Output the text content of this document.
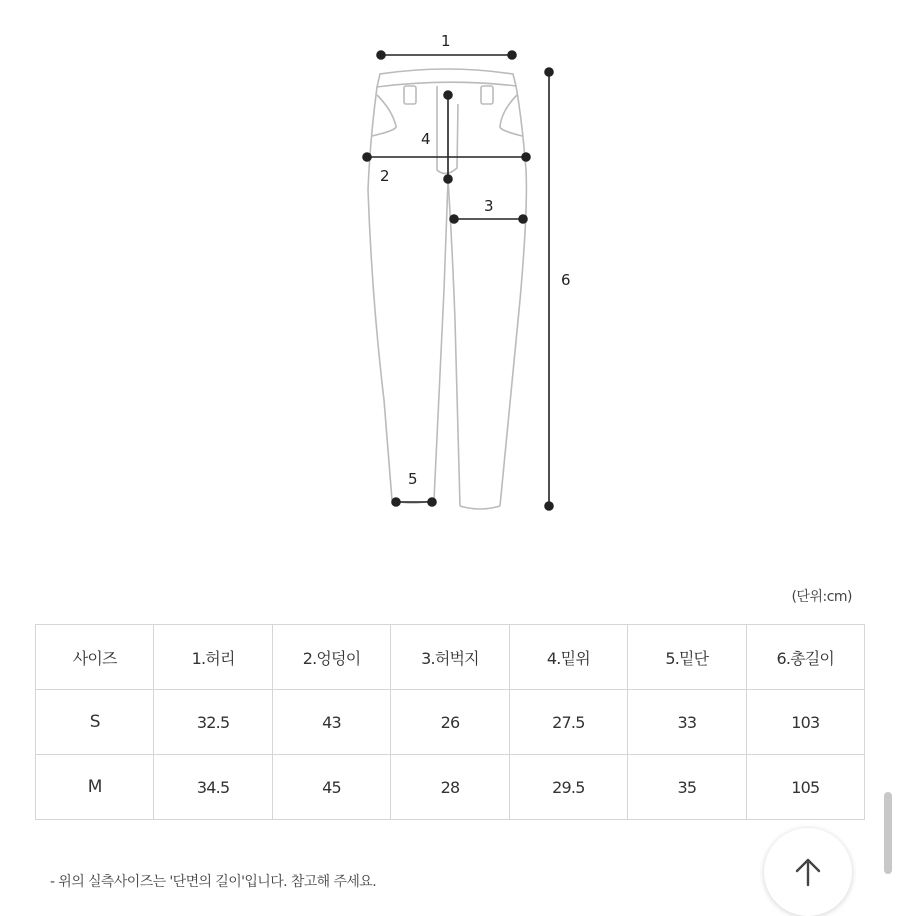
1
2
3
4
5
6
(단위:cm)
사이즈	1.허리	2.엉덩이	3.허벅지	4.밑위	5.밑단	6.총길이
S	32.5	43	26	27.5	33	103
M	34.5	45	28	29.5	35	105
- 위의 실측사이즈는 '단면의 길이'입니다. 참고해 주세요.
